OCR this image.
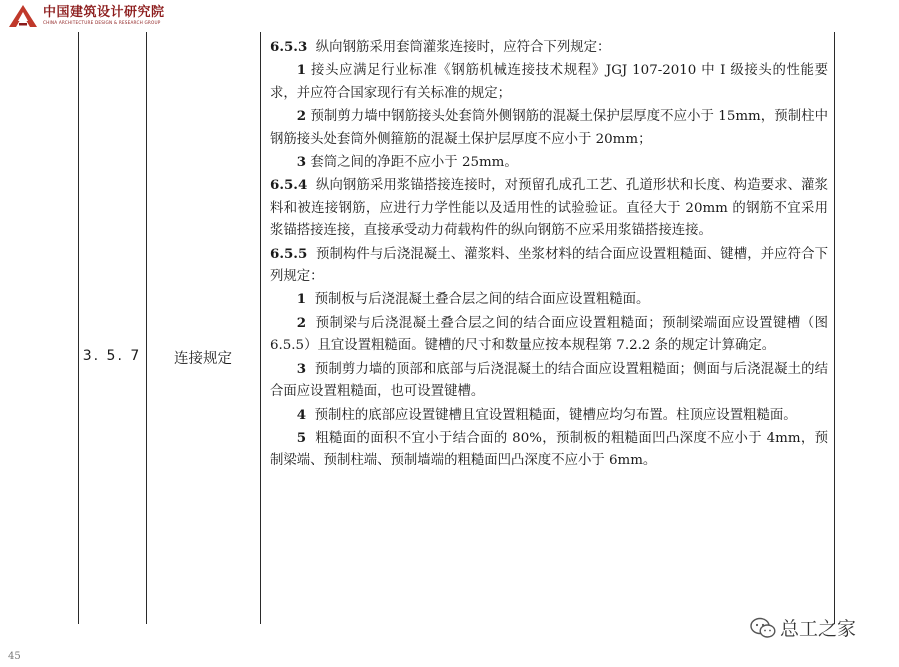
中国建筑设计研究院
CHINA ARCHITECTURE DESIGN & RESEARCH GROUP
3. 5. 7	连接规定

6.5.3 纵向钢筋采用套筒灌浆连接时，应符合下列规定：

1 接头应满足行业标准《钢筋机械连接技术规程》JGJ 107-2010 中 I 级接头的性能要求，并应符合国家现行有关标准的规定；

2 预制剪力墙中钢筋接头处套筒外侧钢筋的混凝土保护层厚度不应小于 15mm，预制柱中钢筋接头处套筒外侧箍筋的混凝土保护层厚度不应小于 20mm；

3 套筒之间的净距不应小于 25mm。

6.5.4 纵向钢筋采用浆锚搭接连接时，对预留孔成孔工艺、孔道形状和长度、构造要求、灌浆料和被连接钢筋，应进行力学性能以及适用性的试验验证。直径大于 20mm 的钢筋不宜采用浆锚搭接连接，直接承受动力荷载构件的纵向钢筋不应采用浆锚搭接连接。

6.5.5 预制构件与后浇混凝土、灌浆料、坐浆材料的结合面应设置粗糙面、键槽，并应符合下列规定：

1 预制板与后浇混凝土叠合层之间的结合面应设置粗糙面。

2 预制梁与后浇混凝土叠合层之间的结合面应设置粗糙面；预制梁端面应设置键槽（图 6.5.5）且宜设置粗糙面。键槽的尺寸和数量应按本规程第 7.2.2 条的规定计算确定。

3 预制剪力墙的顶部和底部与后浇混凝土的结合面应设置粗糙面；侧面与后浇混凝土的结合面应设置粗糙面，也可设置键槽。

4 预制柱的底部应设置键槽且宜设置粗糙面，键槽应均匀布置。柱顶应设置粗糙面。

5 粗糙面的面积不宜小于结合面的 80%，预制板的粗糙面凹凸深度不应小于 4mm，预制梁端、预制柱端、预制墙端的粗糙面凹凸深度不应小于 6mm。

45
总工之家
